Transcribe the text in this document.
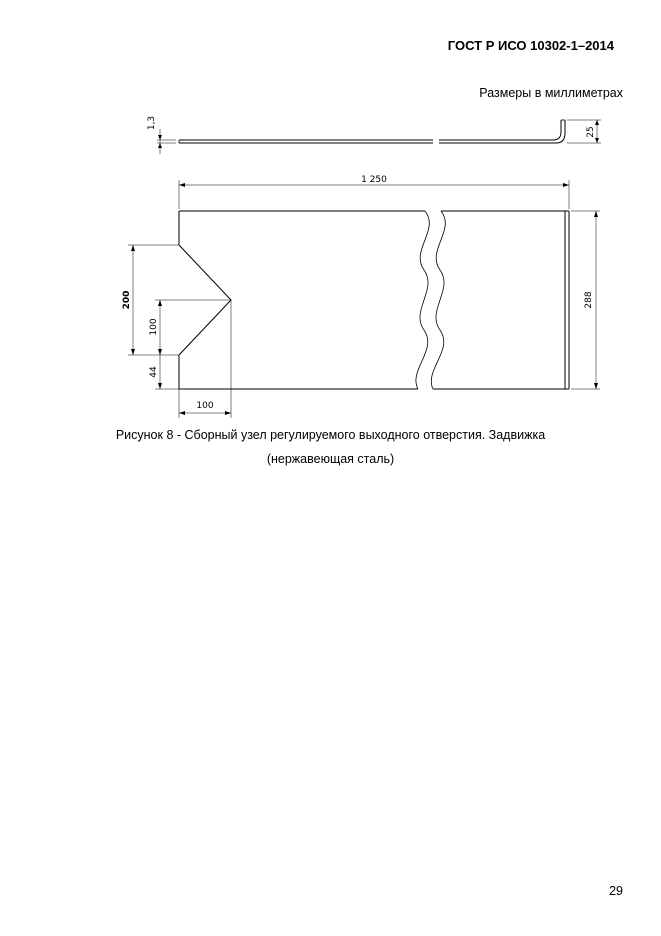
ГОСТ Р ИСО 10302-1–2014
Размеры в миллиметрах
1,3
25
1 250
288
200
100
44
100
Рисунок 8 - Сборный узел регулируемого выходного отверстия. Задвижка
(нержавеющая сталь)
29
